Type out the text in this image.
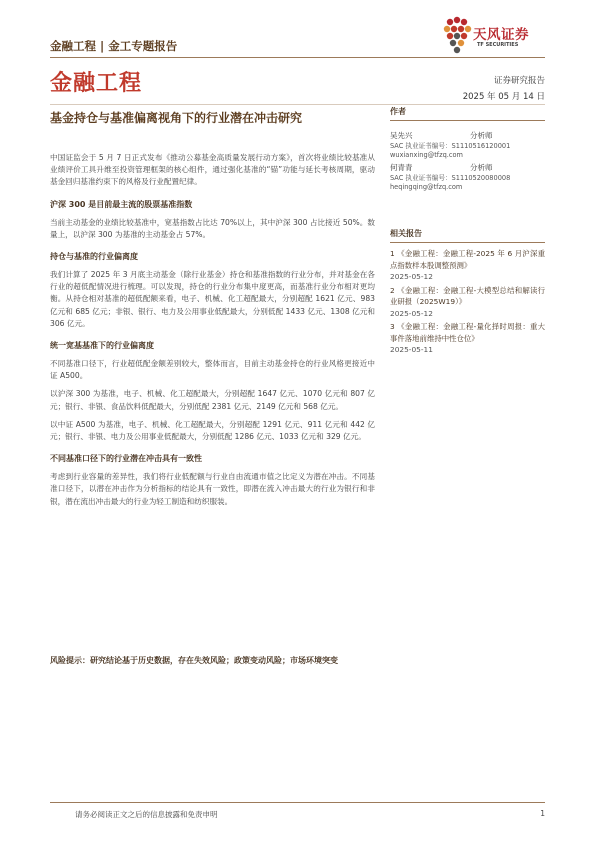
金融工程 | 金工专题报告
天风证券
TF SECURITIES
金融工程	证券研究报告
2025 年 05 月 14 日
基金持仓与基准偏离视角下的行业潜在冲击研究

中国证监会于 5 月 7 日正式发布《推动公募基金高质量发展行动方案》，首次将业绩比较基准从业绩评价工具升维至投资管理框架的核心组件，通过强化基准的“锚”功能与延长考核周期，驱动基金回归基准约束下的风格及行业配置纪律。

沪深 300 是目前最主流的股票基准指数

当前主动基金的业绩比较基准中，宽基指数占比达 70%以上，其中沪深 300 占比接近 50%。数量上，以沪深 300 为基准的主动基金占 57%。

持仓与基准的行业偏离度

我们计算了 2025 年 3 月底主动基金（除行业基金）持仓和基准指数的行业分布，并对基金在各行业的超低配情况进行梳理。可以发现，持仓的行业分布集中度更高，而基准行业分布相对更均衡。从持仓相对基准的超低配额来看，电子、机械、化工超配最大，分别超配 1621 亿元、983 亿元和 685 亿元；非银、银行、电力及公用事业低配最大，分别低配 1433 亿元、1308 亿元和 306 亿元。

统一宽基基准下的行业偏离度

不同基准口径下，行业超低配金额差别较大，整体而言，目前主动基金持仓的行业风格更接近中证 A500。

以沪深 300 为基准，电子、机械、化工超配最大，分别超配 1647 亿元、1070 亿元和 807 亿元；银行、非银、食品饮料低配最大，分别低配 2381 亿元、2149 亿元和 568 亿元。

以中证 A500 为基准，电子、机械、化工超配最大，分别超配 1291 亿元、911 亿元和 442 亿元；银行、非银、电力及公用事业低配最大，分别低配 1286 亿元、1033 亿元和 329 亿元。

不同基准口径下的行业潜在冲击具有一致性

考虑到行业容量的差异性，我们将行业低配额与行业自由流通市值之比定义为潜在冲击。不同基准口径下，以潜在冲击作为分析指标的结论具有一致性，即潜在流入冲击最大的行业为银行和非银，潜在流出冲击最大的行业为轻工制造和纺织服装。

风险提示：研究结论基于历史数据，存在失效风险；政策变动风险；市场环境突变
作者
吴先兴	分析师
SAC 执业证书编号：S1110516120001
wuxianxing@tfzq.com
何青青	分析师
SAC 执业证书编号：S1110520080008
heqingqing@tfzq.com
相关报告
1 《金融工程：金融工程-2025 年 6 月沪深重点指数样本股调整预测》
2025-05-12
2 《金融工程：金融工程-大模型总结和解读行业研报（2025W19）》
2025-05-12
3 《金融工程：金融工程-量化择时周报：重大事件落地前维持中性仓位》
2025-05-11
请务必阅读正文之后的信息披露和免责申明	1
